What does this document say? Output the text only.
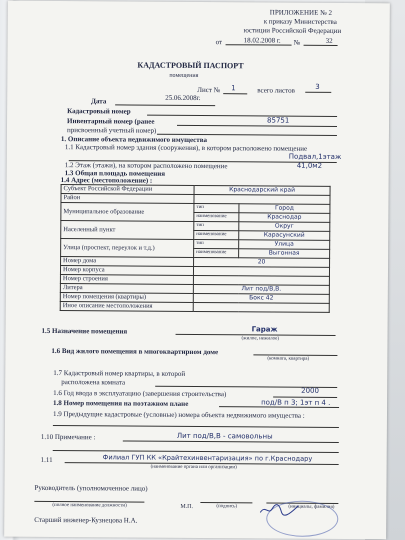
ПРИЛОЖЕНИЕ № 2
к приказу Министерства
юстиции Российской Федерации
от	18.02.2008 г. №	32
КАДАСТРОВЫЙ ПАСПОРТ
помещения
Лист № 1	всего листов	3
Дата	25.06.2008г.
Кадастровый номер
Инвентарный номер (ранее	85751
присвоенный учетный номер)
1. Описание объекта недвижимого имущества
1.1 Кадастровый номер здания (сооружения), в котором расположено помещение
1.2 Этаж (этажи), на котором расположено помещение
Подвал,1этаж
1.3 Общая площадь помещения
41,0м2
1.4 Адрес (местоположение) :
Субъект Российской Федерации	Краснодарский край	
Район		
Муниципальное образование	тип	Город
	наименование	Краснодар
Населенный пункт	тип	Округ
	наименование	Карасунский
Улица (проспект, переулок и т.д.)	тип	Улица
	наименование	Выгонная
Номер дома	20	
Номер корпуса		
Номер строения		
Литера	Лит под/В,В.	
Номер помещения (квартиры)	Бокс 42	
Иное описание местоположения		
1.5 Назначение помещения	Гараж
(жилое, нежилое)
1.6 Вид жилого помещения в многоквартирном доме
(комната, квартира)
1.7 Кадастровый номер квартиры, в которой
расположена комната
1.6 Год ввода в эксплуатацию (завершения строительства)	2000
1.8 Номер помещения на поэтажном плане	под/В п 3; 1эт п 4 .
1.9 Предыдущие кадастровые (условные) номера объекта недвижимого имущества :
1.10 Примечание :	Лит под/В,В - самовольны
1.11	Филиал ГУП КК «Крайтехинвентаризация» по г.Краснодару
(наименование органа или организации)
Руководитель (уполномоченное лицо)
(полное наименование должности)	М.П.	(подпись)	(инициалы, фамилия)
Старший инженер-Кузнецова Н.А.
